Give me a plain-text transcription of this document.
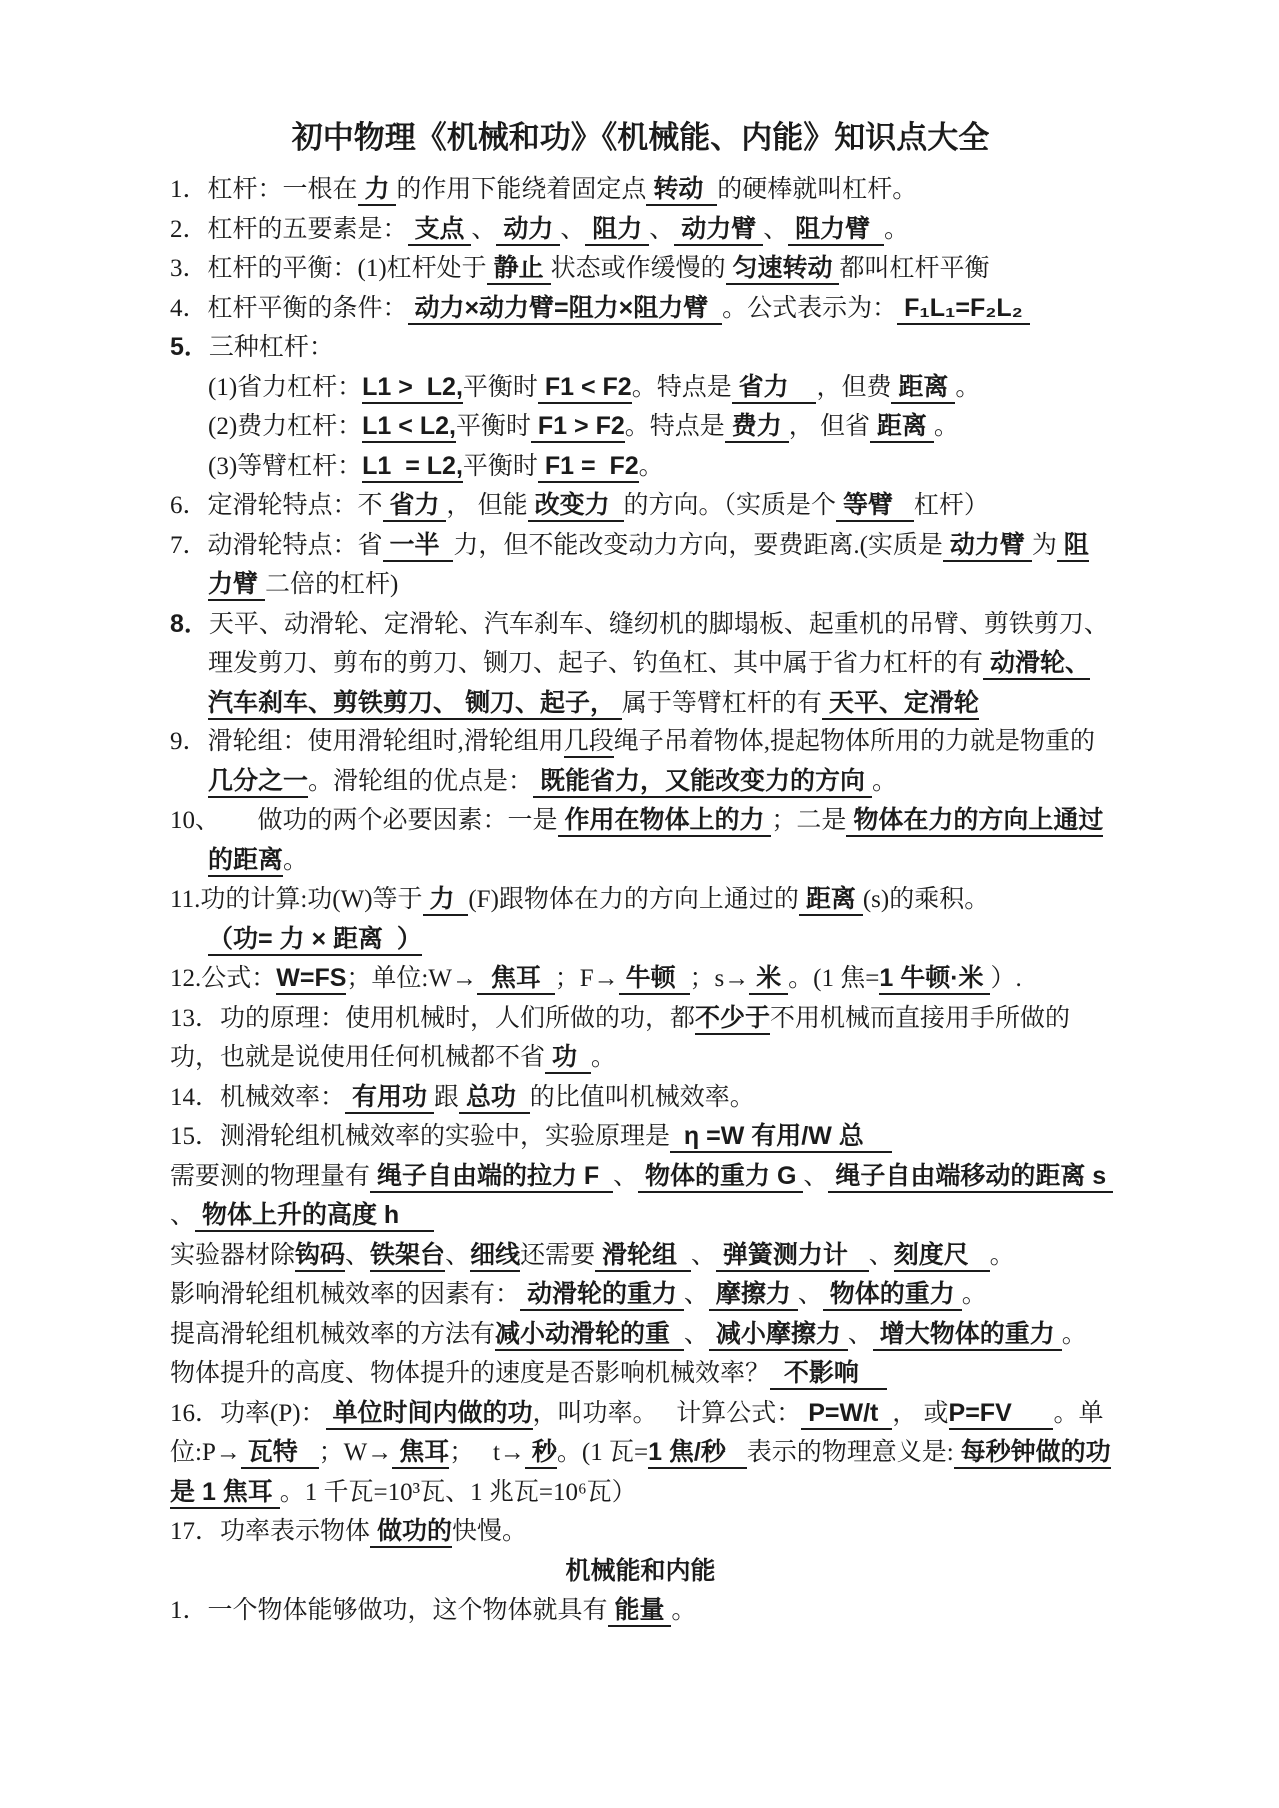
初中物理《机械和功》《机械能、内能》知识点大全
1．杠杆：一根在 力 的作用下能绕着固定点 转动  的硬棒就叫杠杆。
2．杠杆的五要素是： 支点 、 动力 、 阻力 、 动力臂 、 阻力臂  。
3．杠杆的平衡：(1)杠杆处于 静止 状态或作缓慢的 匀速转动 都叫杠杆平衡
4．杠杆平衡的条件： 动力×动力臂=阻力×阻力臂  。公式表示为： F₁L₁=F₂L₂
5．三种杠杆：
(1)省力杠杆：L1 >  L2,平衡时 F1 < F2。特点是 省力    ，但费 距离 。
(2)费力杠杆：L1 < L2,平衡时 F1 > F2。特点是 费力 ， 但省 距离 。
(3)等臂杠杆：L1  = L2,平衡时 F1 =  F2。
6．定滑轮特点：不 省力 ， 但能 改变力  的方向。（实质是个 等臂   杠杆）
7．动滑轮特点：省 一半  力，但不能改变动力方向，要费距离.(实质是 动力臂 为 阻力臂 二倍的杠杆)
8．天平、动滑轮、定滑轮、汽车刹车、缝纫机的脚塌板、起重机的吊臂、剪铁剪刀、理发剪刀、剪布的剪刀、铡刀、起子、钓鱼杠、其中属于省力杠杆的有 动滑轮、汽车刹车、剪铁剪刀、 铡刀、起子， 属于等臂杠杆的有 天平、定滑轮
9．滑轮组：使用滑轮组时,滑轮组用几段绳子吊着物体,提起物体所用的力就是物重的几分之一。滑轮组的优点是： 既能省力，又能改变力的方向 。
10、　　做功的两个必要因素：一是 作用在物体上的力 ；二是 物体在力的方向上通过的距离。
11.功的计算:功(W)等于 力  (F)跟物体在力的方向上通过的 距离 (s)的乘积。
（功= 力 × 距离  ）
12.公式：W=FS；单位:W→  焦耳  ；F→ 牛顿  ；s→ 米 。(1 焦=1 牛顿·米 ）.
13．功的原理：使用机械时，人们所做的功，都不少于不用机械而直接用手所做的功，也就是说使用任何机械都不省 功  。
14．机械效率： 有用功 跟 总功  的比值叫机械效率。
15．测滑轮组机械效率的实验中，实验原理是  η =W 有用/W 总
需要测的物理量有 绳子自由端的拉力 F  、 物体的重力 G 、 绳子自由端移动的距离 s 、 物体上升的高度 h
实验器材除钩码、铁架台、细线还需要 滑轮组  、 弹簧测力计   、刻度尺   。
影响滑轮组机械效率的因素有： 动滑轮的重力 、 摩擦力 、 物体的重力 。
提高滑轮组机械效率的方法有减小动滑轮的重  、 减小摩擦力 、 增大物体的重力 。物体提升的高度、物体提升的速度是否影响机械效率？  不影响
16．功率(P)： 单位时间内做的功，叫功率。　 计算公式： P=W/t  ， 或P=FV      。单位:P→ 瓦特   ；W→ 焦耳；　 t→ 秒。(1 瓦=1 焦/秒   表示的物理意义是: 每秒钟做的功是 1 焦耳 。1 千瓦=10³瓦、1 兆瓦=10⁶瓦）
17．功率表示物体 做功的快慢。
机械能和内能
1．一个物体能够做功，这个物体就具有 能量 。
